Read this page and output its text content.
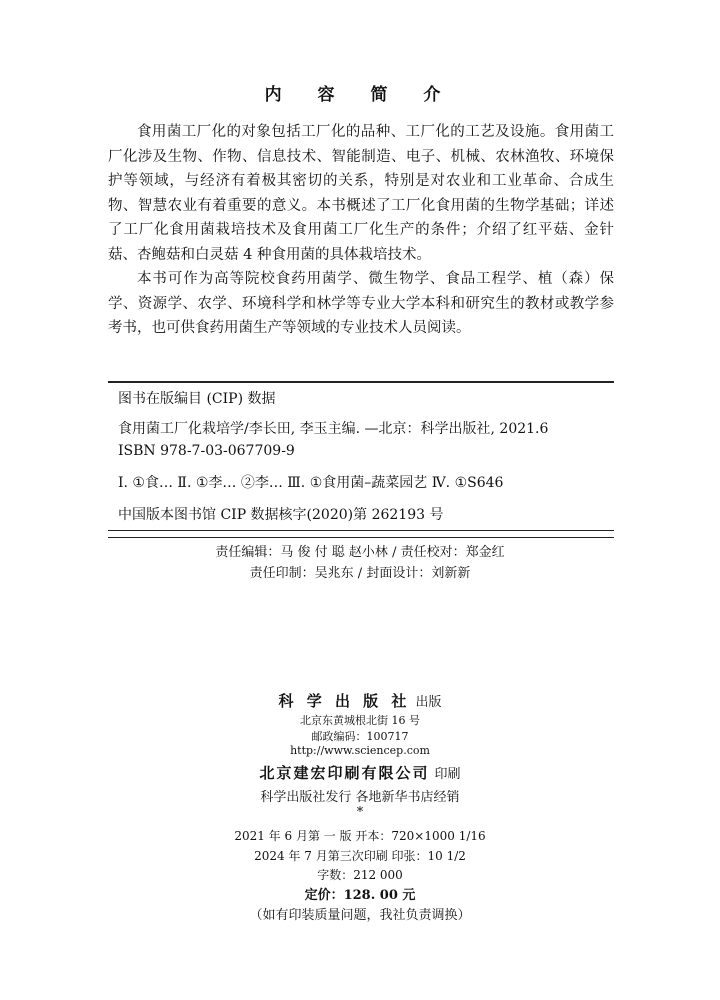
内 容 简 介

食用菌工厂化的对象包括工厂化的品种、工厂化的工艺及设施。食用菌工厂化涉及生物、作物、信息技术、智能制造、电子、机械、农林渔牧、环境保护等领域，与经济有着极其密切的关系，特别是对农业和工业革命、合成生物、智慧农业有着重要的意义。本书概述了工厂化食用菌的生物学基础；详述了工厂化食用菌栽培技术及食用菌工厂化生产的条件；介绍了红平菇、金针菇、杏鲍菇和白灵菇 4 种食用菌的具体栽培技术。

本书可作为高等院校食药用菌学、微生物学、食品工程学、植（森）保学、资源学、农学、环境科学和林学等专业大学本科和研究生的教材或教学参考书，也可供食药用菌生产等领域的专业技术人员阅读。

图书在版编目 (CIP) 数据
食用菌工厂化栽培学/李长田, 李玉主编. —北京：科学出版社, 2021.6
ISBN 978-7-03-067709-9
Ⅰ. ①食… Ⅱ. ①李… ②李… Ⅲ. ①食用菌–蔬菜园艺 Ⅳ. ①S646
中国版本图书馆 CIP 数据核字(2020)第 262193 号
责任编辑：马 俊 付 聪 赵小林 / 责任校对：郑金红
责任印制：吴兆东 / 封面设计：刘新新
科 学 出 版 社 出版
北京东黄城根北街 16 号
邮政编码：100717
http://www.sciencep.com
北京建宏印刷有限公司 印刷
科学出版社发行 各地新华书店经销
*
2021 年 6 月第 一 版 开本：720×1000 1/16
2024 年 7 月第三次印刷 印张：10 1/2
字数：212 000
定价：128. 00 元
（如有印装质量问题，我社负责调换）
